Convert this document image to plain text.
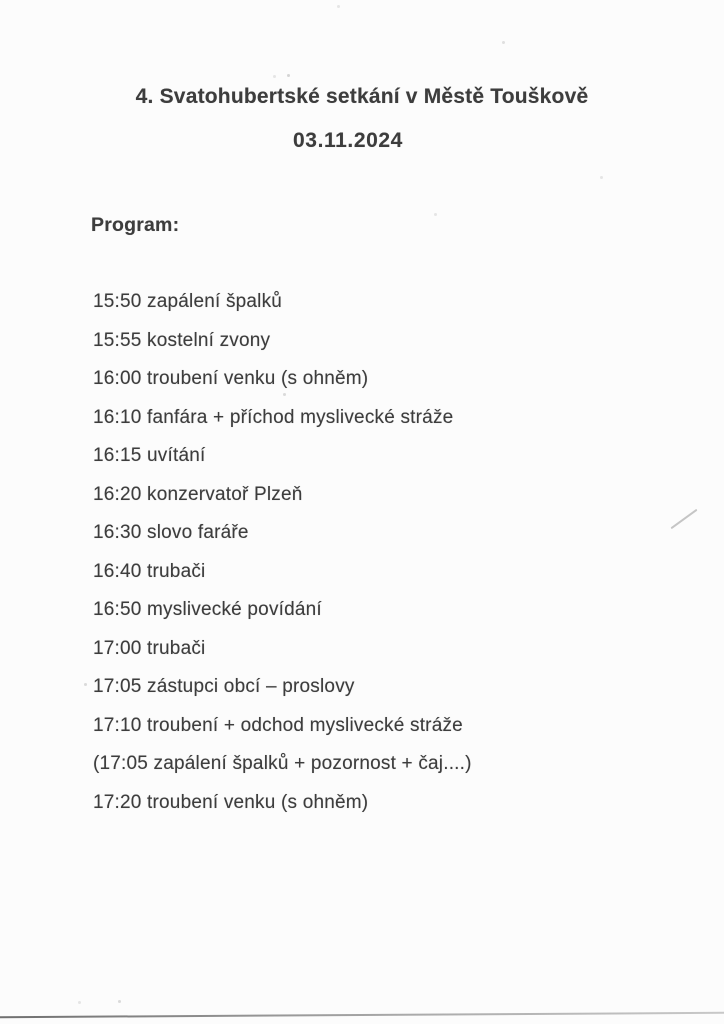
4. Svatohubertské setkání v Městě Touškově
03.11.2024
Program:
15:50 zapálení špalků
15:55 kostelní zvony
16:00 troubení venku (s ohněm)
16:10 fanfára + příchod myslivecké stráže
16:15 uvítání
16:20 konzervatoř Plzeň
16:30 slovo faráře
16:40 trubači
16:50 myslivecké povídání
17:00 trubači
17:05 zástupci obcí – proslovy
17:10 troubení + odchod myslivecké stráže
(17:05 zapálení špalků + pozornost + čaj....)
17:20 troubení venku (s ohněm)
